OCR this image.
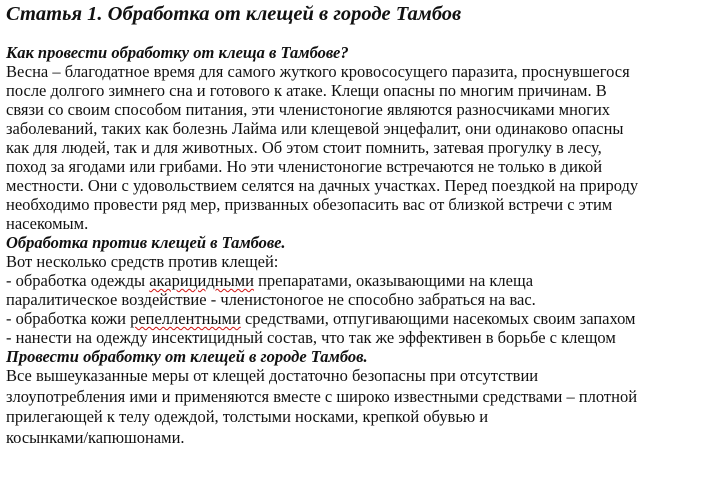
Статья 1. Обработка от клещей в городе Тамбов

Как провести обработку от клеща в Тамбове?

Весна – благодатное время для самого жуткого кровососущего паразита, проснувшегося

после долгого зимнего сна и готового к атаке. Клещи опасны по многим причинам. В

связи со своим способом питания, эти членистоногие являются разносчиками многих

заболеваний, таких как болезнь Лайма или клещевой энцефалит, они одинаково опасны

как для людей, так и для животных. Об этом стоит помнить, затевая прогулку в лесу,

поход за ягодами или грибами. Но эти членистоногие встречаются не только в дикой

местности. Они с удовольствием селятся на дачных участках. Перед поездкой на природу

необходимо провести ряд мер, призванных обезопасить вас от близкой встречи с этим

насекомым.

Обработка против клещей в Тамбове.

Вот несколько средств против клещей:

- обработка одежды акарицидными препаратами, оказывающими на клеща

паралитическое воздействие - членистоногое не способно забраться на вас.

- обработка кожи репеллентными средствами, отпугивающими насекомых своим запахом

- нанести на одежду инсектицидный состав, что так же эффективен в борьбе с клещом

Провести обработку от клещей в городе Тамбов.

Все вышеуказанные меры от клещей достаточно безопасны при отсутствии

злоупотребления ими и применяются вместе с широко известными средствами – плотной

прилегающей к телу одеждой, толстыми носками, крепкой обувью и

косынками/капюшонами.
